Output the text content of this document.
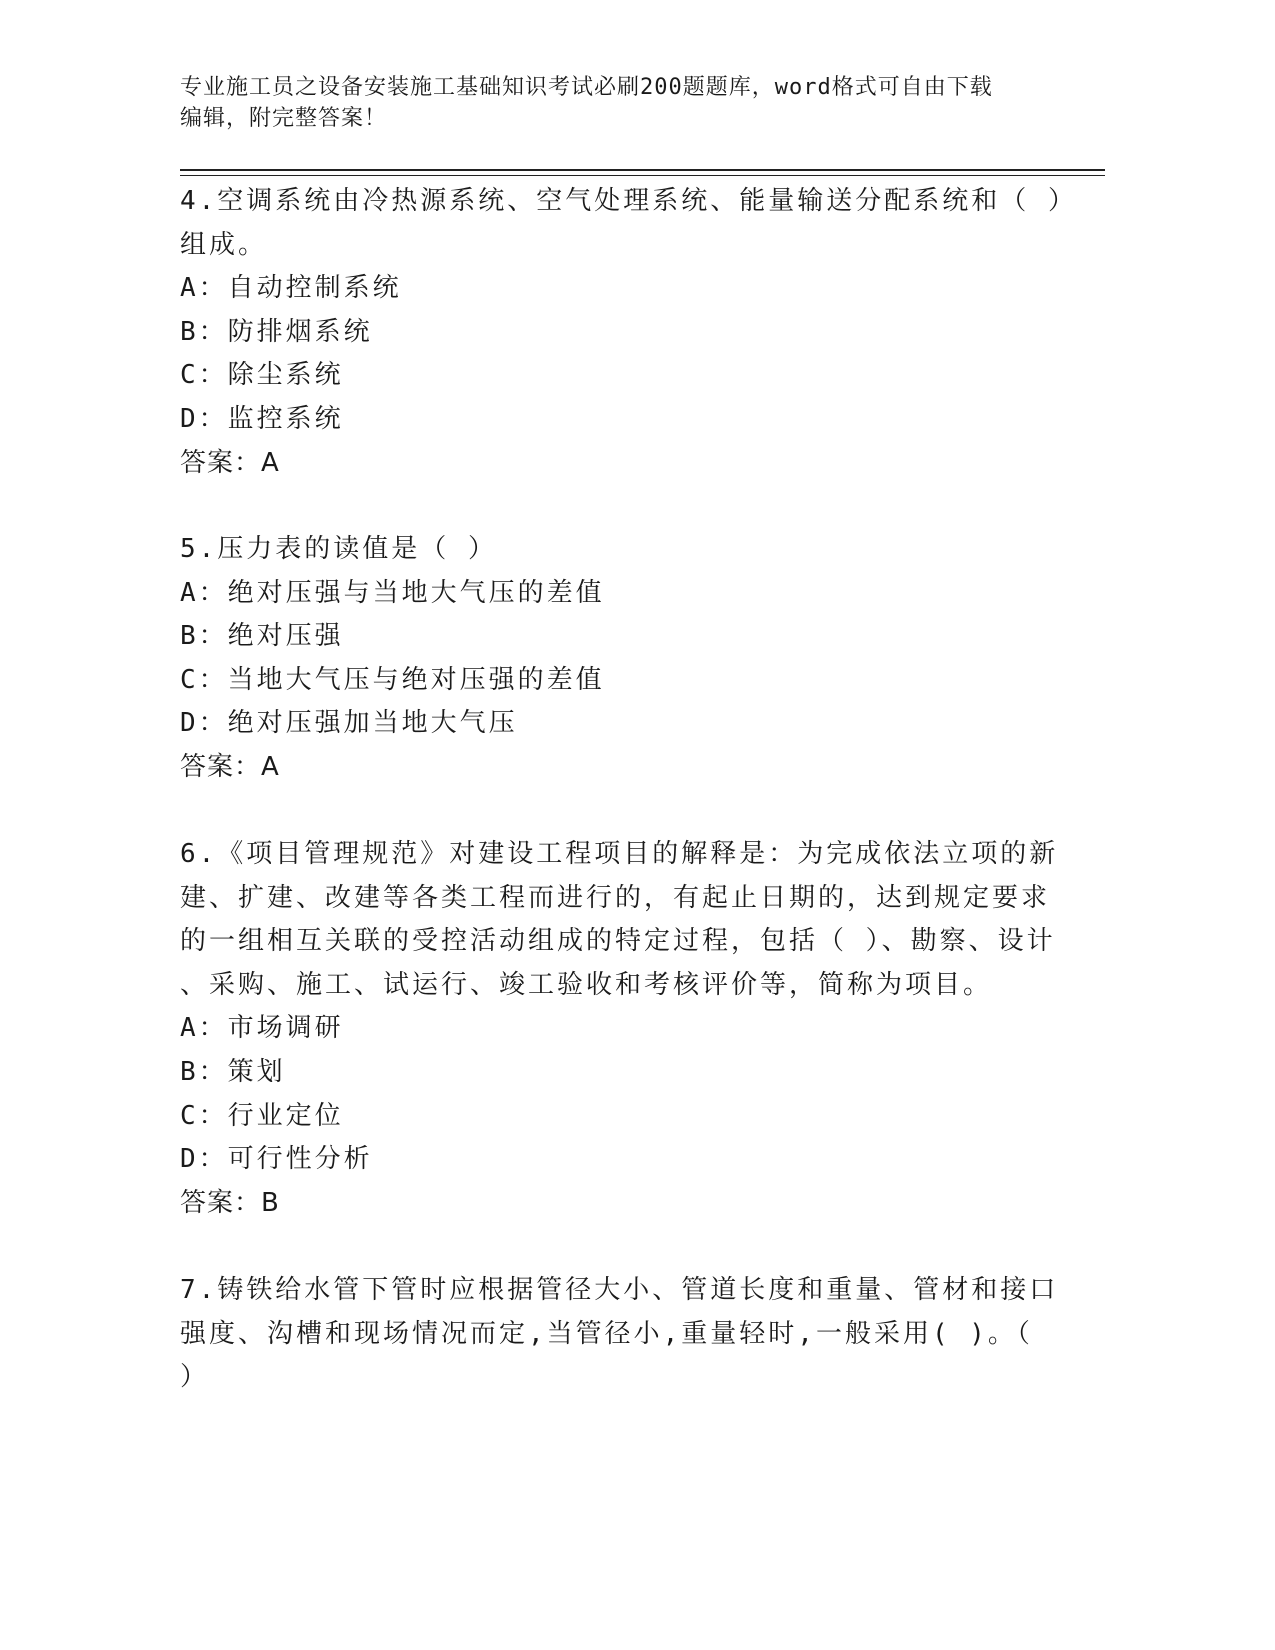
专业施工员之设备安装施工基础知识考试必刷200题题库，word格式可自由下载
编辑，附完整答案！
4.空调系统由冷热源系统、空气处理系统、能量输送分配系统和（ ）
组成。
A：自动控制系统
B：防排烟系统
C：除尘系统
D：监控系统
答案：A
5.压力表的读值是（ ）
A：绝对压强与当地大气压的差值
B：绝对压强
C：当地大气压与绝对压强的差值
D：绝对压强加当地大气压
答案：A
6.《项目管理规范》对建设工程项目的解释是：为完成依法立项的新
建、扩建、改建等各类工程而进行的，有起止日期的，达到规定要求
的一组相互关联的受控活动组成的特定过程，包括（ ）、勘察、设计
、采购、施工、试运行、竣工验收和考核评价等，简称为项目。
A：市场调研
B：策划
C：行业定位
D：可行性分析
答案：B
7.铸铁给水管下管时应根据管径大小、管道长度和重量、管材和接口
强度、沟槽和现场情况而定,当管径小,重量轻时,一般采用( )。（
）
